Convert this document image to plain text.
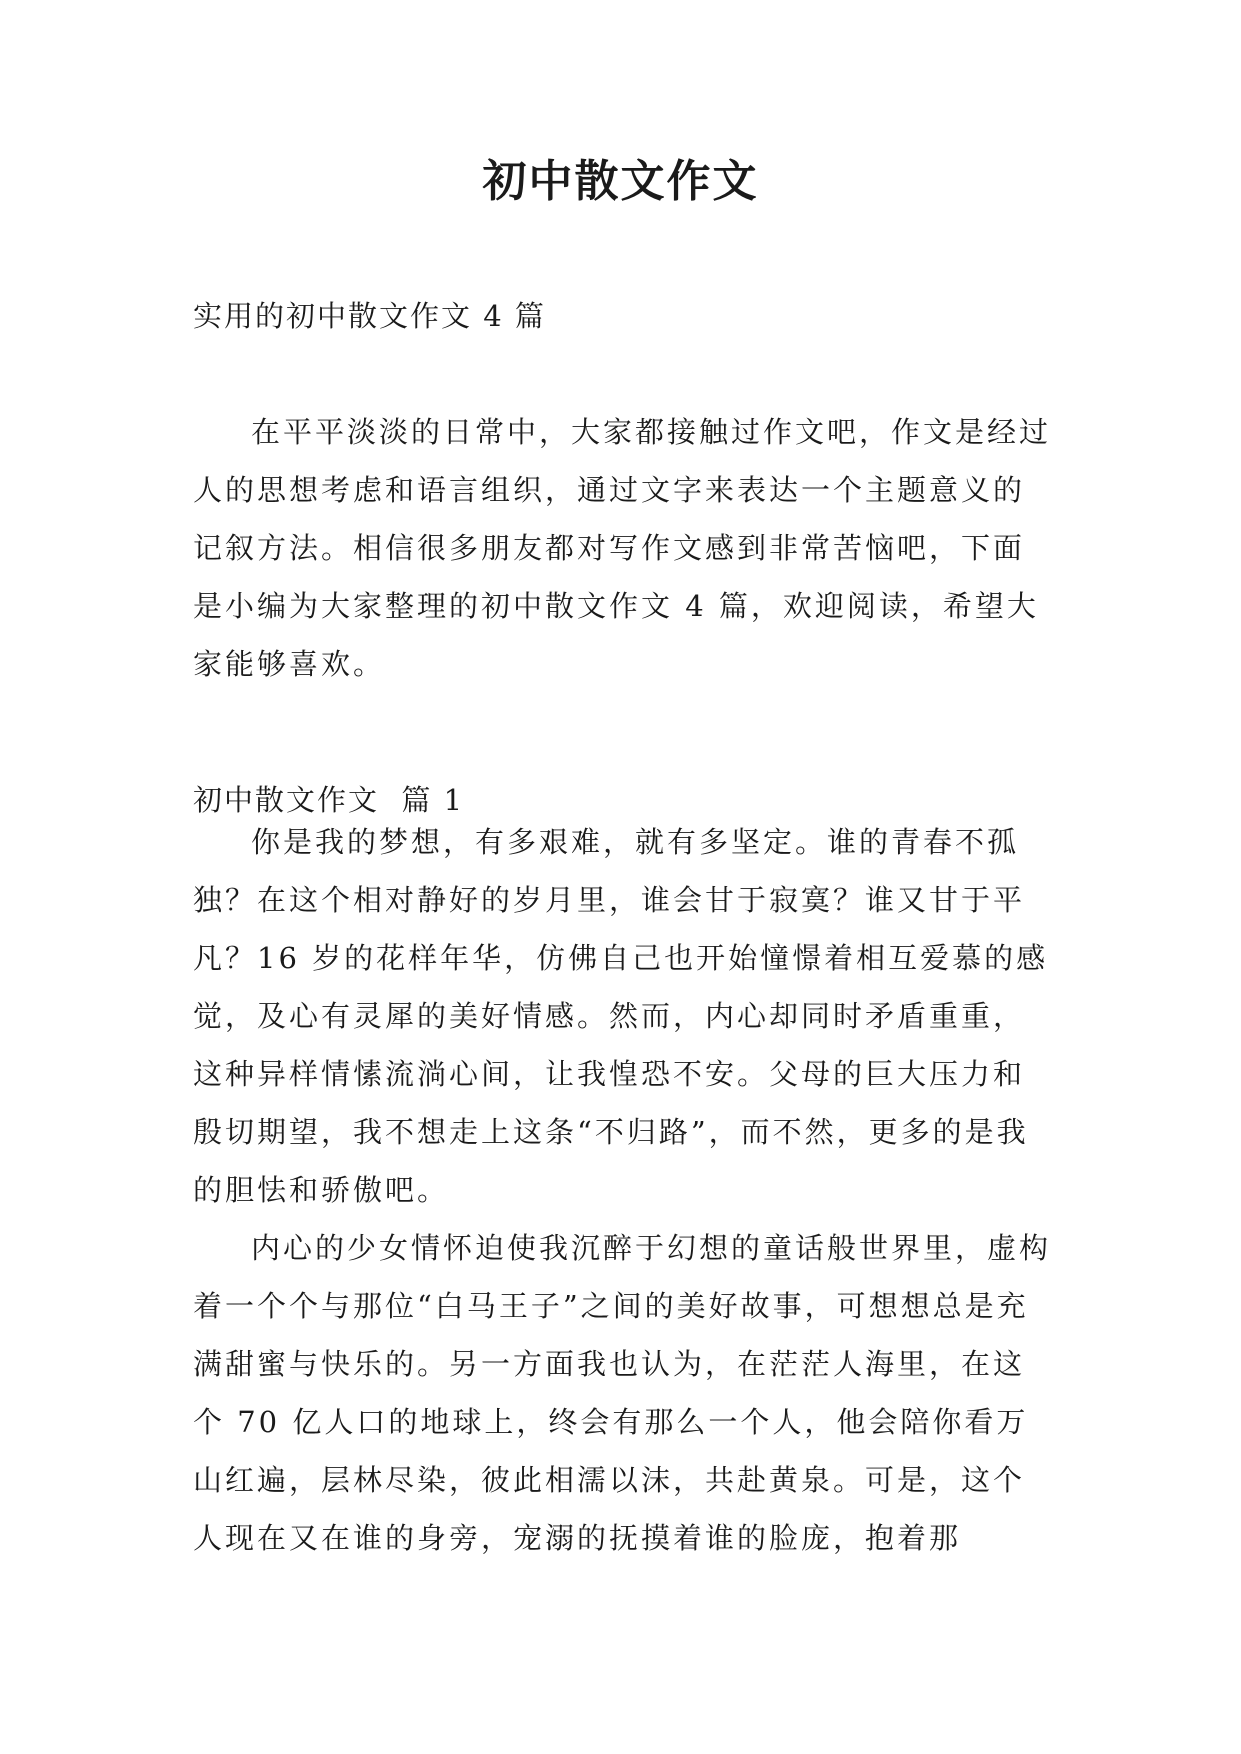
初中散文作文
实用的初中散文作文 4 篇

在平平淡淡的日常中，大家都接触过作文吧，作文是经过人的思想考虑和语言组织，通过文字来表达一个主题意义的记叙方法。相信很多朋友都对写作文感到非常苦恼吧，下面是小编为大家整理的初中散文作文 4 篇，欢迎阅读，希望大家能够喜欢。

初中散文作文  篇 1

你是我的梦想，有多艰难，就有多坚定。谁的青春不孤独？在这个相对静好的岁月里，谁会甘于寂寞？谁又甘于平凡？16 岁的花样年华，仿佛自己也开始憧憬着相互爱慕的感觉，及心有灵犀的美好情感。然而，内心却同时矛盾重重，这种异样情愫流淌心间，让我惶恐不安。父母的巨大压力和殷切期望，我不想走上这条“不归路”，而不然，更多的是我的胆怯和骄傲吧。

内心的少女情怀迫使我沉醉于幻想的童话般世界里，虚构着一个个与那位“白马王子”之间的美好故事，可想想总是充满甜蜜与快乐的。另一方面我也认为，在茫茫人海里，在这个 70 亿人口的地球上，终会有那么一个人，他会陪你看万山红遍，层林尽染，彼此相濡以沫，共赴黄泉。可是，这个人现在又在谁的身旁，宠溺的抚摸着谁的脸庞，抱着那
